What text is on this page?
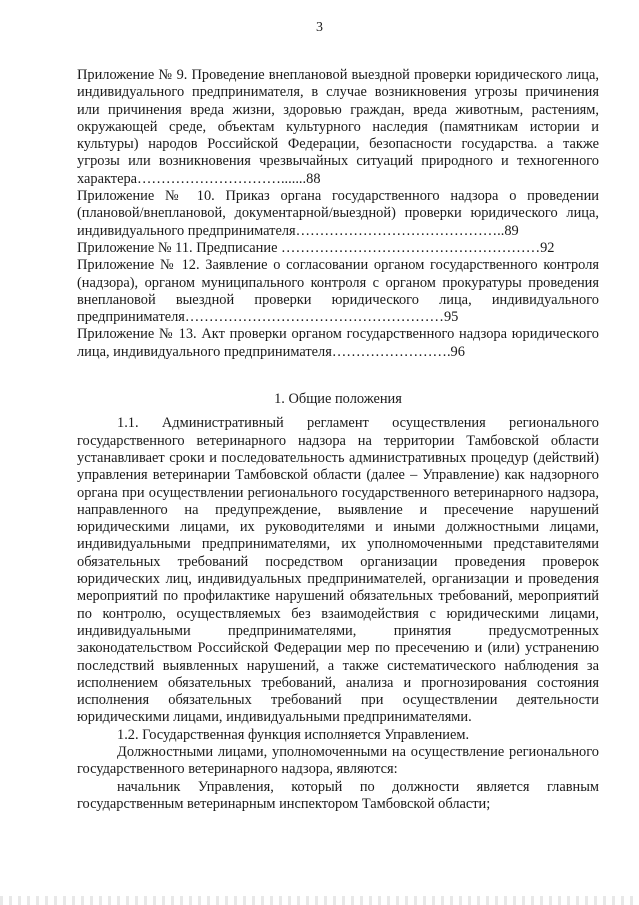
3

Приложение № 9. Проведение внеплановой выездной проверки юридического лица, индивидуального предпринимателя, в случае возникновения угрозы причинения или причинения вреда жизни, здоровью граждан, вреда животным, растениям, окружающей среде, объектам культурного наследия (памятникам истории и культуры) народов Российской Федерации, безопасности государства. а также угрозы или возникновения чрезвычайных ситуаций природного и техногенного характера………………………….......88

Приложение № 10. Приказ органа государственного надзора о проведении (плановой/внеплановой, документарной/выездной) проверки юридического лица, индивидуального предпринимателя……………………………………..89

Приложение № 11. Предписание ………………………………………………92

Приложение № 12. Заявление о согласовании органом государственного контроля (надзора), органом муниципального контроля с органом прокуратуры проведения внеплановой выездной проверки юридического лица, индивидуального предпринимателя………………………………………………95

Приложение № 13. Акт проверки органом государственного надзора юридического лица, индивидуального предпринимателя…………………….96

1. Общие положения

1.1. Административный регламент осуществления регионального государственного ветеринарного надзора на территории Тамбовской области устанавливает сроки и последовательность административных процедур (действий) управления ветеринарии Тамбовской области (далее – Управление) как надзорного органа при осуществлении регионального государственного ветеринарного надзора, направленного на предупреждение, выявление и пресечение нарушений юридическими лицами, их руководителями и иными должностными лицами, индивидуальными предпринимателями, их уполномоченными представителями обязательных требований посредством организации проведения проверок юридических лиц, индивидуальных предпринимателей, организации и проведения мероприятий по профилактике нарушений обязательных требований, мероприятий по контролю, осуществляемых без взаимодействия с юридическими лицами, индивидуальными предпринимателями, принятия предусмотренных законодательством Российской Федерации мер по пресечению и (или) устранению последствий выявленных нарушений, а также систематического наблюдения за исполнением обязательных требований, анализа и прогнозирования состояния исполнения обязательных требований при осуществлении деятельности юридическими лицами, индивидуальными предпринимателями.

1.2. Государственная функция исполняется Управлением.

Должностными лицами, уполномоченными на осуществление регионального государственного ветеринарного надзора, являются:

начальник Управления, который по должности является главным государственным ветеринарным инспектором Тамбовской области;
